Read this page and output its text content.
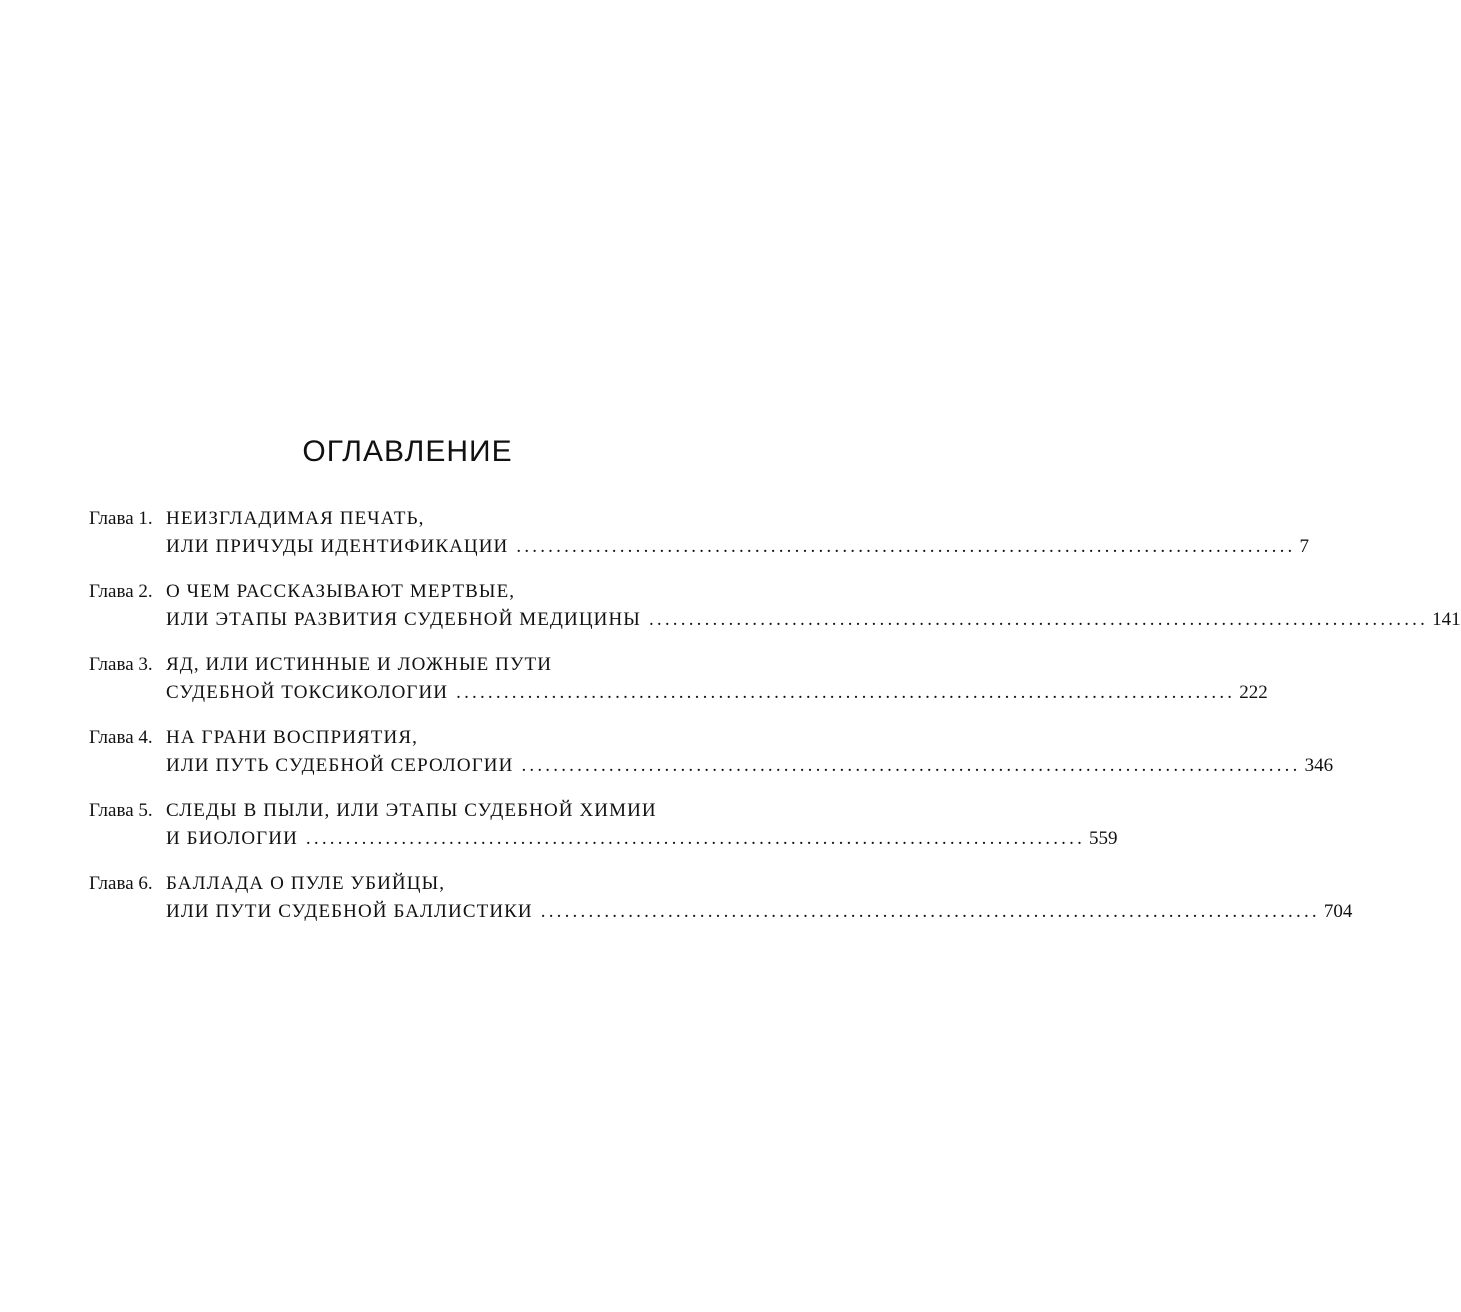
ОГЛАВЛЕНИЕ
Глава 1. НЕИЗГЛАДИМАЯ ПЕЧАТЬ,
ИЛИ ПРИЧУДЫ ИДЕНТИФИКАЦИИ .................................................................................................. 7
Глава 2. О ЧЕМ РАССКАЗЫВАЮТ МЕРТВЫЕ,
ИЛИ ЭТАПЫ РАЗВИТИЯ СУДЕБНОЙ МЕДИЦИНЫ .................................................................................................. 141
Глава 3. ЯД, ИЛИ ИСТИННЫЕ И ЛОЖНЫЕ ПУТИ
СУДЕБНОЙ ТОКСИКОЛОГИИ .................................................................................................. 222
Глава 4. НА ГРАНИ ВОСПРИЯТИЯ,
ИЛИ ПУТЬ СУДЕБНОЙ СЕРОЛОГИИ .................................................................................................. 346
Глава 5. СЛЕДЫ В ПЫЛИ, ИЛИ ЭТАПЫ СУДЕБНОЙ ХИМИИ
И БИОЛОГИИ .................................................................................................. 559
Глава 6. БАЛЛАДА О ПУЛЕ УБИЙЦЫ,
ИЛИ ПУТИ СУДЕБНОЙ БАЛЛИСТИКИ .................................................................................................. 704
